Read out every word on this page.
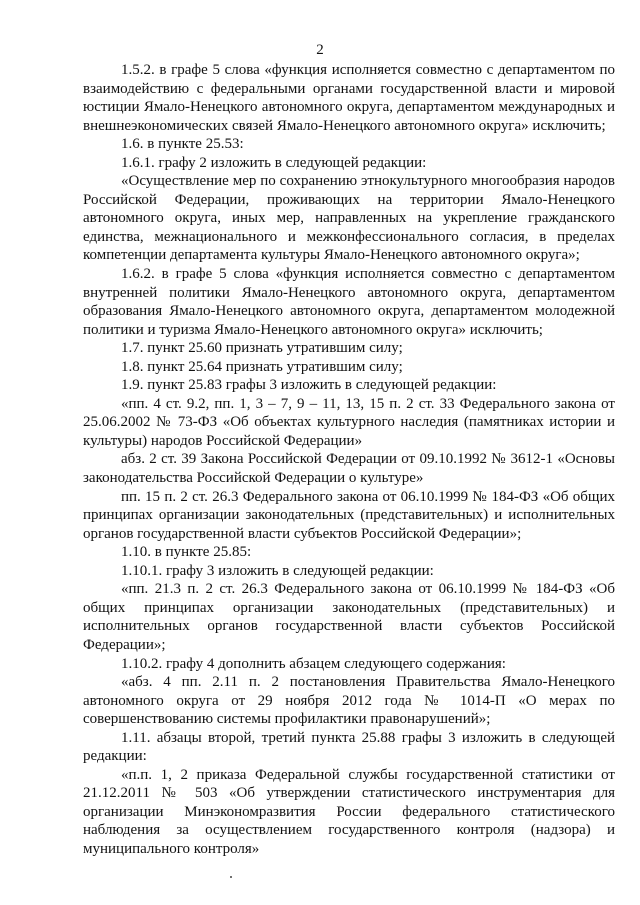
2

1.5.2. в графе 5 слова «функция исполняется совместно с департаментом по взаимодействию с федеральными органами государственной власти и мировой юстиции Ямало-Ненецкого автономного округа, департаментом международных и внешнеэкономических связей Ямало-Ненецкого автономного округа» исключить;

1.6. в пункте 25.53:

1.6.1. графу 2 изложить в следующей редакции:

«Осуществление мер по сохранению этнокультурного многообразия народов Российской Федерации, проживающих на территории Ямало-Ненецкого автономного округа, иных мер, направленных на укрепление гражданского единства, межнационального и межконфессионального согласия, в пределах компетенции департамента культуры Ямало-Ненецкого автономного округа»;

1.6.2. в графе 5 слова «функция исполняется совместно с департаментом внутренней политики Ямало-Ненецкого автономного округа, департаментом образования Ямало-Ненецкого автономного округа, департаментом молодежной политики и туризма Ямало-Ненецкого автономного округа» исключить;

1.7. пункт 25.60 признать утратившим силу;

1.8. пункт 25.64 признать утратившим силу;

1.9. пункт 25.83 графы 3 изложить в следующей редакции:

«пп. 4 ст. 9.2, пп. 1, 3 – 7, 9 – 11, 13, 15 п. 2 ст. 33 Федерального закона от 25.06.2002 № 73-ФЗ «Об объектах культурного наследия (памятниках истории и культуры) народов Российской Федерации»

абз. 2 ст. 39 Закона Российской Федерации от 09.10.1992 № 3612-1 «Основы законодательства Российской Федерации о культуре»

пп. 15 п. 2 ст. 26.3 Федерального закона от 06.10.1999 № 184-ФЗ «Об общих принципах организации законодательных (представительных) и исполнительных органов государственной власти субъектов Российской Федерации»;

1.10. в пункте 25.85:

1.10.1. графу 3 изложить в следующей редакции:

«пп. 21.3 п. 2 ст. 26.3 Федерального закона от 06.10.1999 № 184-ФЗ «Об общих принципах организации законодательных (представительных) и исполнительных органов государственной власти субъектов Российской Федерации»;

1.10.2. графу 4 дополнить абзацем следующего содержания:

«абз. 4 пп. 2.11 п. 2 постановления Правительства Ямало-Ненецкого автономного округа от 29 ноября 2012 года № 1014-П «О мерах по совершенствованию системы профилактики правонарушений»;

1.11. абзацы второй, третий пункта 25.88 графы 3 изложить в следующей редакции:

«п.п. 1, 2 приказа Федеральной службы государственной статистики от 21.12.2011 № 503 «Об утверждении статистического инструментария для организации Минэкономразвития России федерального статистического наблюдения за осуществлением государственного контроля (надзора) и муниципального контроля»
